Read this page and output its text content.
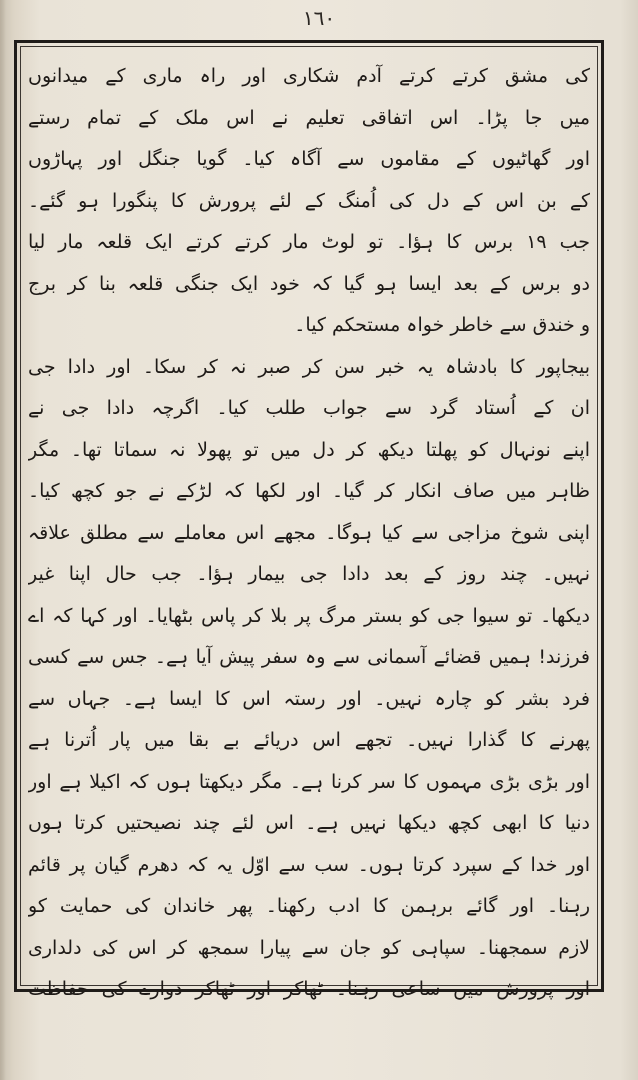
١٦٠
کی مشق کرتے کرتے آدم شکاری اور راہ ماری کے میدانوں
میں جا پڑا۔ اس اتفاقی تعلیم نے اس ملک کے تمام رستے
اور گھاٹیوں کے مقاموں سے آگاہ کیا۔ گویا جنگل اور پہاڑوں
کے بن اس کے دل کی اُمنگ کے لئے پرورش کا پنگورا ہو گئے۔
جب ۱۹ برس کا ہؤا۔ تو لوٹ مار کرتے کرتے ایک قلعہ مار لیا
دو برس کے بعد ایسا ہو گیا کہ خود ایک جنگی قلعہ بنا کر برج
و خندق سے خاطر خواہ مستحکم کیا۔
بیجاپور کا بادشاہ یہ خبر سن کر صبر نہ کر سکا۔ اور دادا جی
ان کے اُستاد گرد سے جواب طلب کیا۔ اگرچہ دادا جی نے
اپنے نونہال کو پھلتا دیکھ کر دل میں تو پھولا نہ سماتا تھا۔ مگر
ظاہر میں صاف انکار کر گیا۔ اور لکھا کہ لڑکے نے جو کچھ کیا۔
اپنی شوخ مزاجی سے کیا ہوگا۔ مجھے اس معاملے سے مطلق علاقہ
نہیں۔ چند روز کے بعد دادا جی بیمار ہؤا۔ جب حال اپنا غیر
دیکھا۔ تو سیوا جی کو بستر مرگ پر بلا کر پاس بٹھایا۔ اور کہا کہ اے
فرزند! ہمیں قضائے آسمانی سے وہ سفر پیش آیا ہے۔ جس سے کسی
فرد بشر کو چارہ نہیں۔ اور رستہ اس کا ایسا ہے۔ جہاں سے
پھرنے کا گذارا نہیں۔ تجھے اس دریائے بے بقا میں پار اُترنا ہے
اور بڑی بڑی مہموں کا سر کرنا ہے۔ مگر دیکھتا ہوں کہ اکیلا ہے اور
دنیا کا ابھی کچھ دیکھا نہیں ہے۔ اس لئے چند نصیحتیں کرتا ہوں
اور خدا کے سپرد کرتا ہوں۔ سب سے اوّل یہ کہ دھرم گیان پر قائم
رہنا۔ اور گائے برہمن کا ادب رکھنا۔ پھر خاندان کی حمایت کو
لازم سمجھنا۔ سپاہی کو جان سے پیارا سمجھ کر اس کی دلداری
اور پرورش میں ساعی رہنا۔ ٹھاکر اور ٹھاکر دوارے کی حفاظت
